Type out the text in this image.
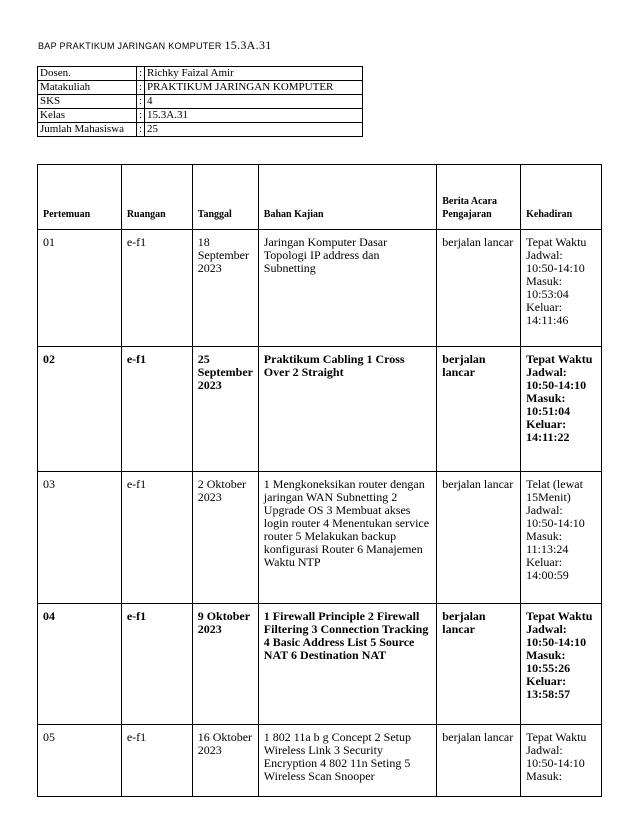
BAP PRAKTIKUM JARINGAN KOMPUTER 15.3A.31
Dosen.	:	Richky Faizal Amir
Matakuliah	:	PRAKTIKUM JARINGAN KOMPUTER
SKS	:	4
Kelas	:	15.3A.31
Jumlah Mahasiswa	:	25
Pertemuan	Ruangan	Tanggal	Bahan Kajian	Berita Acara Pengajaran	Kehadiran
01	e-f1	18 September 2023	Jaringan Komputer Dasar Topologi IP address dan Subnetting	berjalan lancar	Tepat Waktu Jadwal: 10:50-14:10 Masuk: 10:53:04 Keluar: 14:11:46
02	e-f1	25 September 2023	Praktikum Cabling 1 Cross Over 2 Straight	berjalan lancar	Tepat Waktu Jadwal: 10:50-14:10 Masuk: 10:51:04 Keluar: 14:11:22
03	e-f1	2 Oktober 2023	1 Mengkoneksikan router dengan jaringan WAN Subnetting 2 Upgrade OS 3 Membuat akses login router 4 Menentukan service router 5 Melakukan backup konfigurasi Router 6 Manajemen Waktu NTP	berjalan lancar	Telat (lewat 15Menit) Jadwal: 10:50-14:10 Masuk: 11:13:24 Keluar: 14:00:59
04	e-f1	9 Oktober 2023	1 Firewall Principle 2 Firewall Filtering 3 Connection Tracking 4 Basic Address List 5 Source NAT 6 Destination NAT	berjalan lancar	Tepat Waktu Jadwal: 10:50-14:10 Masuk: 10:55:26 Keluar: 13:58:57
05	e-f1	16 Oktober 2023	1 802 11a b g Concept 2 Setup Wireless Link 3 Security Encryption 4 802 11n Seting 5 Wireless Scan Snooper	berjalan lancar	Tepat Waktu Jadwal: 10:50-14:10 Masuk:
